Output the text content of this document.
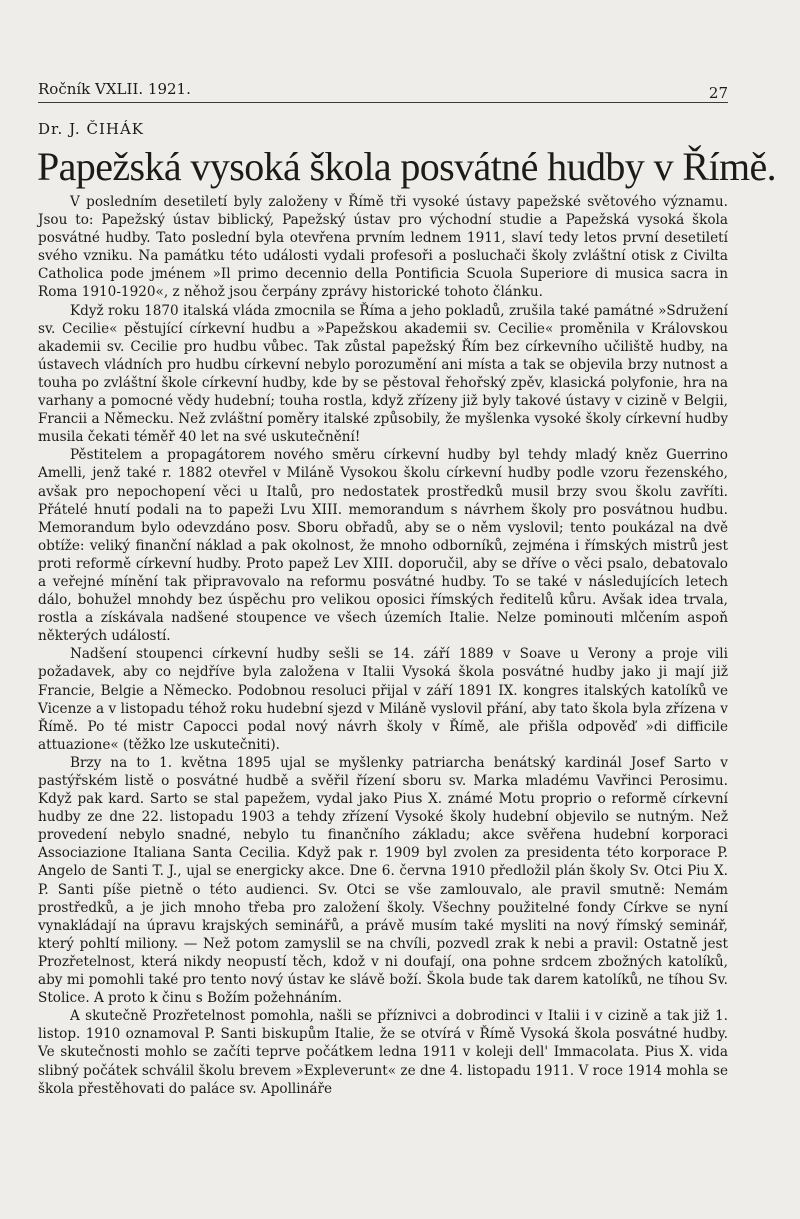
Ročník VXLII. 1921.	27
Dr. J. ČIHÁK
Papežská vysoká škola posvátné hudby v Římě.

V posledním desetiletí byly založeny v Římě tři vysoké ústavy papežské světového významu. Jsou to: Papežský ústav biblický, Papežský ústav pro východní studie a Papežská vysoká škola posvátné hudby. Tato poslední byla otevřena prvním lednem 1911, slaví tedy letos první desetiletí svého vzniku. Na památku této události vydali profesoři a posluchači školy zvláštní otisk z Civilta Catholica pode jménem »Il primo decennio della Pontificia Scuola Superiore di musica sacra in Roma 1910-1920«, z něhož jsou čerpány zprávy historické tohoto článku.

Když roku 1870 italská vláda zmocnila se Říma a jeho pokladů, zrušila také památné »Sdružení sv. Cecilie« pěstující církevní hudbu a »Papežskou akademii sv. Cecilie« proměnila v Královskou akademii sv. Cecilie pro hudbu vůbec. Tak zůstal papežský Řím bez církevního učiliště hudby, na ústavech vládních pro hudbu církevní nebylo porozumění ani místa a tak se objevila brzy nutnost a touha po zvláštní škole církevní hudby, kde by se pěstoval řehořský zpěv, klasická polyfonie, hra na varhany a pomocné vědy hudební; touha rostla, když zřízeny již byly takové ústavy v cizině v Belgii, Francii a Německu. Než zvláštní poměry italské způsobily, že myšlenka vysoké školy církevní hudby musila čekati téměř 40 let na své uskutečnění!

Pěstitelem a propagátorem nového směru církevní hudby byl tehdy mladý kněz Guerrino Amelli, jenž také r. 1882 otevřel v Miláně Vysokou školu církevní hudby podle vzoru řezenského, avšak pro nepochopení věci u Italů, pro nedostatek prostředků musil brzy svou školu zavříti. Přátelé hnutí podali na to papeži Lvu XIII. memorandum s návrhem školy pro posvátnou hudbu. Memorandum bylo odevzdáno posv. Sboru obřadů, aby se o něm vyslovil; tento poukázal na dvě obtíže: veliký finanční náklad a pak okolnost, že mnoho odborníků, zejména i římských mistrů jest proti reformě církevní hudby. Proto papež Lev XIII. doporučil, aby se dříve o věci psalo, debatovalo a veřejné mínění tak připravovalo na reformu posvátné hudby. To se také v následujících letech dálo, bohužel mnohdy bez úspěchu pro velikou oposici římských ředitelů kůru. Avšak idea trvala, rostla a získávala nadšené stoupence ve všech územích Italie. Nelze pominouti mlčením aspoň některých událostí.

Nadšení stoupenci církevní hudby sešli se 14. září 1889 v Soave u Verony a proje vili požadavek, aby co nejdříve byla založena v Italii Vysoká škola posvátné hudby jako ji mají již Francie, Belgie a Německo. Podobnou resoluci přijal v září 1891 IX. kongres italských katolíků ve Vicenze a v listopadu téhož roku hudební sjezd v Miláně vyslovil přání, aby tato škola byla zřízena v Římě. Po té mistr Capocci podal nový návrh školy v Římě, ale přišla odpověď »di difficile attuazione« (těžko lze uskutečniti).

Brzy na to 1. května 1895 ujal se myšlenky patriarcha benátský kardinál Josef Sarto v pastýřském listě o posvátné hudbě a svěřil řízení sboru sv. Marka mladému Vavřinci Perosimu. Když pak kard. Sarto se stal papežem, vydal jako Pius X. známé Motu proprio o reformě církevní hudby ze dne 22. listopadu 1903 a tehdy zřízení Vysoké školy hudební objevilo se nutným. Než provedení nebylo snadné, nebylo tu finančního základu; akce svěřena hudební korporaci Associazione Italiana Santa Cecilia. Když pak r. 1909 byl zvolen za presidenta této korporace P. Angelo de Santi T. J., ujal se energicky akce. Dne 6. června 1910 předložil plán školy Sv. Otci Piu X. P. Santi píše pietně o této audienci. Sv. Otci se vše zamlouvalo, ale pravil smutně: Nemám prostředků, a je jich mnoho třeba pro založení školy. Všechny použitelné fondy Církve se nyní vynakládají na úpravu krajských seminářů, a právě musím také mysliti na nový římský seminář, který pohltí miliony. — Než potom zamyslil se na chvíli, pozvedl zrak k nebi a pravil: Ostatně jest Prozřetelnost, která nikdy neopustí těch, kdož v ni doufají, ona pohne srdcem zbožných katolíků, aby mi pomohli také pro tento nový ústav ke slávě boží. Škola bude tak darem katolíků, ne tíhou Sv. Stolice. A proto k činu s Božím požehnáním.

A skutečně Prozřetelnost pomohla, našli se příznivci a dobrodinci v Italii i v cizině a tak již 1. listop. 1910 oznamoval P. Santi biskupům Italie, že se otvírá v Římě Vysoká škola posvátné hudby. Ve skutečnosti mohlo se začíti teprve počátkem ledna 1911 v koleji dell' Immacolata. Pius X. vida slibný počátek schválil školu brevem »Expleverunt« ze dne 4. listopadu 1911. V roce 1914 mohla se škola přestěhovati do paláce sv. Apollináře
